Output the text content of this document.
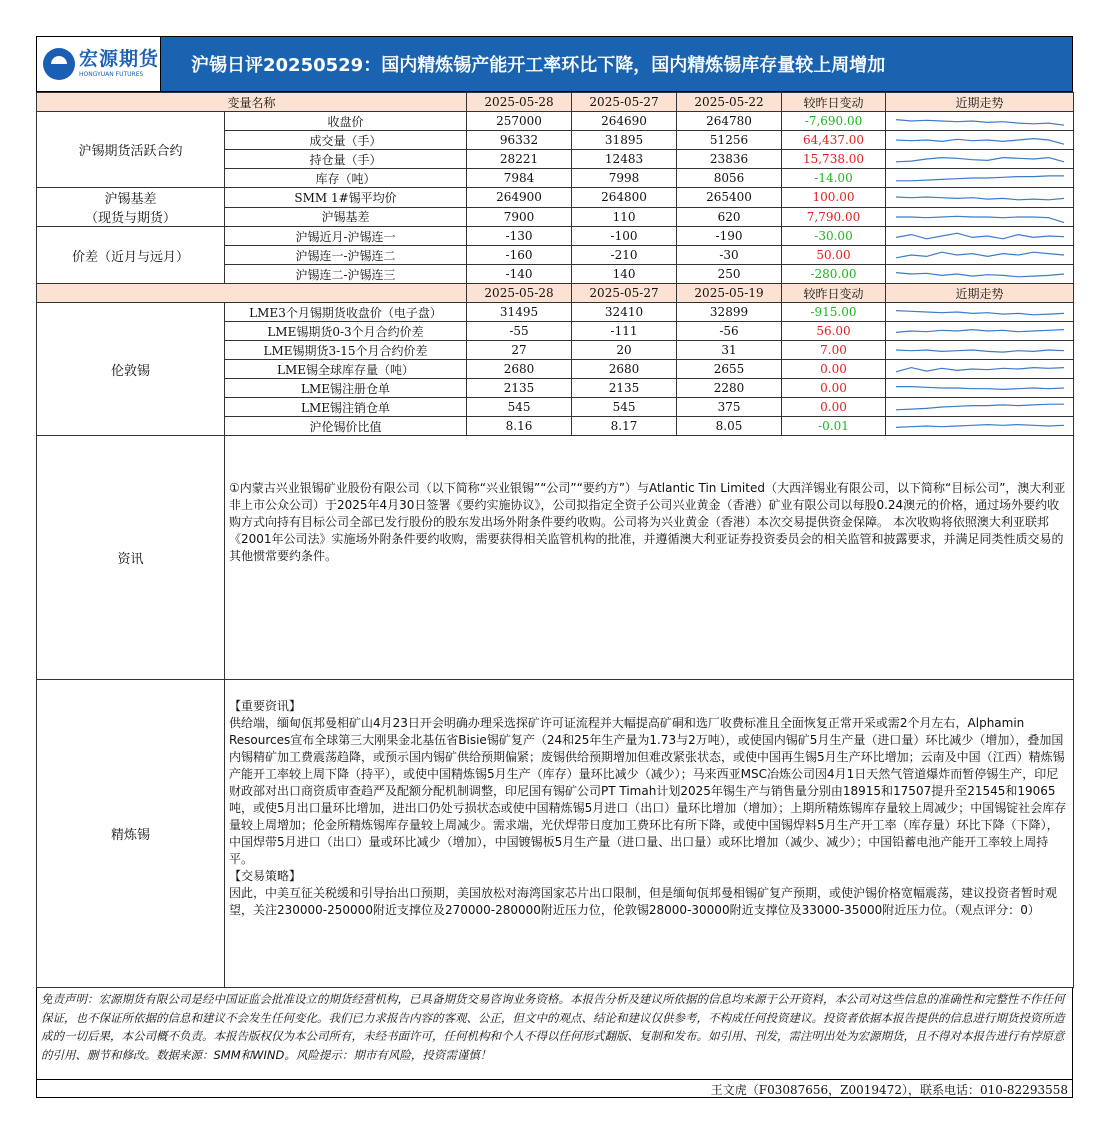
宏源期货
HONGYUAN FUTURES	沪锡日评20250529：国内精炼锡产能开工率环比下降，国内精炼锡库存量较上周增加
变量名称		2025-05-28	2025-05-27	2025-05-22	较昨日变动	近期走势
沪锡期货活跃合约	收盘价	257000	264690	264780	-7,690.00	

	成交量（手）	96332	31895	51256	64,437.00	

	持仓量（手）	28221	12483	23836	15,738.00	

	库存（吨）	7984	7998	8056	-14.00	

沪锡基差
（现货与期货）	SMM 1#锡平均价	264900	264800	265400	100.00	

	沪锡基差	7900	110	620	7,790.00	

价差（近月与远月）	沪锡近月-沪锡连一	-130	-100	-190	-30.00	

	沪锡连一-沪锡连二	-160	-210	-30	50.00	

	沪锡连二-沪锡连三	-140	140	250	-280.00	

		2025-05-28	2025-05-27	2025-05-19	较昨日变动	近期走势
伦敦锡	LME3个月锡期货收盘价（电子盘）	31495	32410	32899	-915.00	

	LME锡期货0-3个月合约价差	-55	-111	-56	56.00	

	LME锡期货3-15个月合约价差	27	20	31	7.00	

	LME锡全球库存量（吨）	2680	2680	2655	0.00	

	LME锡注册仓单	2135	2135	2280	0.00	

	LME锡注销仓单	545	545	375	0.00	

	沪伦锡价比值	8.16	8.17	8.05	-0.01	

资讯	①内蒙古兴业银锡矿业股份有限公司（以下简称“兴业银锡”“公司”“要约方”）与Atlantic Tin Limited（大西洋锡业有限公司，以下简称“目标公司”，澳大利亚非上市公众公司）于2025年4月30日签署《要约实施协议》，公司拟指定全资子公司兴业黄金（香港）矿业有限公司以每股0.24澳元的价格，通过场外要约收购方式向持有目标公司全部已发行股份的股东发出场外附条件要约收购。公司将为兴业黄金（香港）本次交易提供资金保障。 本次收购将依照澳大利亚联邦《2001年公司法》实施场外附条件要约收购，需要获得相关监管机构的批准，并遵循澳大利亚证券投资委员会的相关监管和披露要求，并满足同类性质交易的其他惯常要约条件。					
精炼锡	【重要资讯】
供给端，缅甸佤邦曼相矿山4月23日开会明确办理采选探矿许可证流程并大幅提高矿硐和选厂收费标准且全面恢复正常开采或需2个月左右，Alphamin Resources宣布全球第三大刚果金北基伍省Bisie锡矿复产（24和25年生产量为1.73与2万吨），或使国内锡矿5月生产量（进口量）环比减少（增加），叠加国内锡精矿加工费震荡趋降，或预示国内锡矿供给预期偏紧；废锡供给预期增加但难改紧张状态，或使中国再生锡5月生产环比增加；云南及中国（江西）精炼锡产能开工率较上周下降（持平），或使中国精炼锡5月生产（库存）量环比减少（减少）；马来西亚MSC冶炼公司因4月1日天然气管道爆炸而暂停锡生产，印尼财政部对出口商资质审查趋严及配额分配机制调整，印尼国有锡矿公司PT Timah计划2025年锡生产与销售量分别由18915和17507提升至21545和19065吨，或使5月出口量环比增加，进出口仍处亏损状态或使中国精炼锡5月进口（出口）量环比增加（增加）；上期所精炼锡库存量较上周减少；中国锡锭社会库存量较上周增加；伦金所精炼锡库存量较上周减少。需求端，光伏焊带日度加工费环比有所下降，或使中国锡焊料5月生产开工率（库存量）环比下降（下降），中国焊带5月进口（出口）量或环比减少（增加），中国镀锡板5月生产量（进口量、出口量）或环比增加（减少、减少）；中国铅蓄电池产能开工率较上周持平。
【交易策略】
因此，中美互征关税缓和引导抬出口预期，美国放松对海湾国家芯片出口限制，但是缅甸佤邦曼相锡矿复产预期，或使沪锡价格宽幅震荡，建议投资者暂时观望，关注230000-250000附近支撑位及270000-280000附近压力位，伦敦锡28000-30000附近支撑位及33000-35000附近压力位。（观点评分：0）					
免责声明：宏源期货有限公司是经中国证监会批准设立的期货经营机构，已具备期货交易咨询业务资格。本报告分析及建议所依据的信息均来源于公开资料，本公司对这些信息的准确性和完整性不作任何保证，也不保证所依据的信息和建议不会发生任何变化。我们已力求报告内容的客观、公正，但文中的观点、结论和建议仅供参考，不构成任何投资建议。投资者依据本报告提供的信息进行期货投资所造成的一切后果，本公司概不负责。本报告版权仅为本公司所有，未经书面许可，任何机构和个人不得以任何形式翻版、复制和发布。如引用、刊发，需注明出处为宏源期货，且不得对本报告进行有悖原意的引用、删节和修改。数据来源：SMM和WIND。风险提示：期市有风险，投资需谨慎！
王文虎（F03087656，Z0019472），联系电话：010-82293558
